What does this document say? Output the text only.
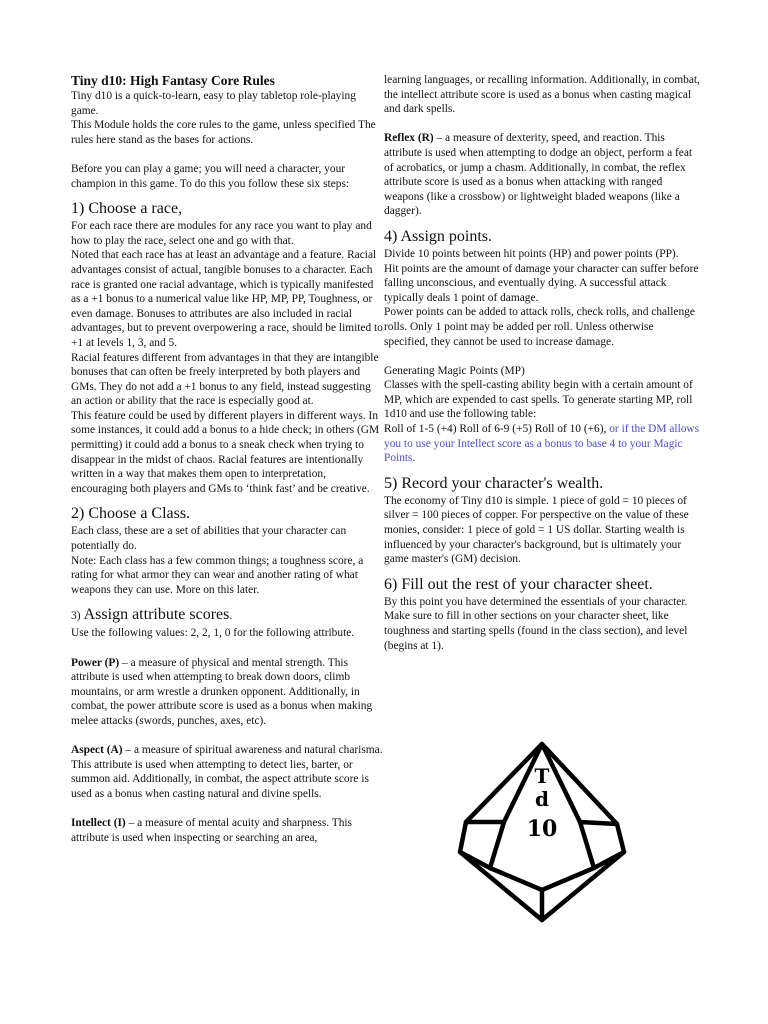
Tiny d10: High Fantasy Core Rules

Tiny d10 is a quick-to-learn, easy to play tabletop role-playing game.

This Module holds the core rules to the game, unless specified The rules here stand as the bases for actions.

Before you can play a game; you will need a character, your champion in this game. To do this you follow these six steps:

1) Choose a race,

For each race there are modules for any race you want to play and how to play the race, select one and go with that.

Noted that each race has at least an advantage and a feature. Racial advantages consist of actual, tangible bonuses to a character. Each race is granted one racial advantage, which is typically manifested as a +1 bonus to a numerical value like HP, MP, PP, Toughness, or even damage. Bonuses to attributes are also included in racial advantages, but to prevent overpowering a race, should be limited to +1 at levels 1, 3, and 5.

Racial features different from advantages in that they are intangible bonuses that can often be freely interpreted by both players and GMs. They do not add a +1 bonus to any field, instead suggesting an action or ability that the race is especially good at.

This feature could be used by different players in different ways. In some instances, it could add a bonus to a hide check; in others (GM permitting) it could add a bonus to a sneak check when trying to disappear in the midst of chaos. Racial features are intentionally written in a way that makes them open to interpretation, encouraging both players and GMs to ‘think fast’ and be creative.

2) Choose a Class.

Each class, these are a set of abilities that your character can potentially do.

Note: Each class has a few common things; a toughness score, a rating for what armor they can wear and another rating of what weapons they can use. More on this later.

3) Assign attribute scores.

Use the following values: 2, 2, 1, 0 for the following attribute.

Power (P) – a measure of physical and mental strength. This attribute is used when attempting to break down doors, climb mountains, or arm wrestle a drunken opponent. Additionally, in combat, the power attribute score is used as a bonus when making melee attacks (swords, punches, axes, etc).

Aspect (A) – a measure of spiritual awareness and natural charisma. This attribute is used when attempting to detect lies, barter, or summon aid. Additionally, in combat, the aspect attribute score is used as a bonus when casting natural and divine spells.

Intellect (I) – a measure of mental acuity and sharpness. This attribute is used when inspecting or searching an area,

learning languages, or recalling information. Additionally, in combat, the intellect attribute score is used as a bonus when casting magical and dark spells.

Reflex (R) – a measure of dexterity, speed, and reaction. This attribute is used when attempting to dodge an object, perform a feat of acrobatics, or jump a chasm. Additionally, in combat, the reflex attribute score is used as a bonus when attacking with ranged weapons (like a crossbow) or lightweight bladed weapons (like a dagger).

4) Assign points.

Divide 10 points between hit points (HP) and power points (PP).

Hit points are the amount of damage your character can suffer before falling unconscious, and eventually dying. A successful attack typically deals 1 point of damage.

Power points can be added to attack rolls, check rolls, and challenge rolls. Only 1 point may be added per roll. Unless otherwise specified, they cannot be used to increase damage.

Generating Magic Points (MP)

Classes with the spell-casting ability begin with a certain amount of MP, which are expended to cast spells. To generate starting MP, roll 1d10 and use the following table:

Roll of 1-5 (+4) Roll of 6-9 (+5) Roll of 10 (+6), or if the DM allows you to use your Intellect score as a bonus to base 4 to your Magic Points.

5) Record your character's wealth.

The economy of Tiny d10 is simple. 1 piece of gold = 10 pieces of silver = 100 pieces of copper. For perspective on the value of these monies, consider: 1 piece of gold = 1 US dollar. Starting wealth is influenced by your character's background, but is ultimately your game master's (GM) decision.

6) Fill out the rest of your character sheet.

By this point you have determined the essentials of your character. Make sure to fill in other sections on your character sheet, like toughness and starting spells (found in the class section), and level (begins at 1).

T
d
10
